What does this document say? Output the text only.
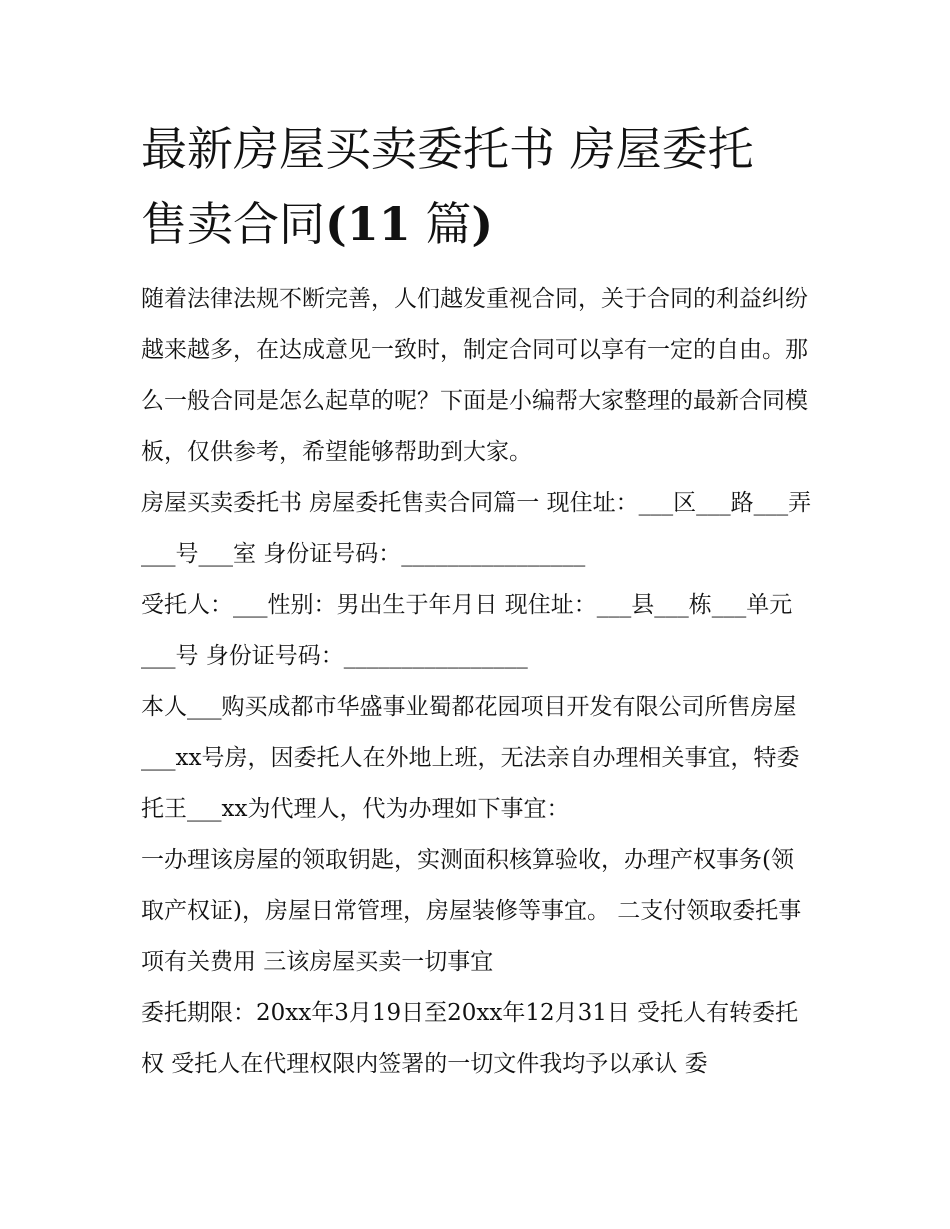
最新房屋买卖委托书 房屋委托
售卖合同(11 篇)

随着法律法规不断完善，人们越发重视合同，关于合同的利益纠纷越来越多，在达成意见一致时，制定合同可以享有一定的自由。那么一般合同是怎么起草的呢？下面是小编帮大家整理的最新合同模板，仅供参考，希望能够帮助到大家。

房屋买卖委托书 房屋委托售卖合同篇一 现住址：___区___路___弄___号___室 身份证号码：________________

受托人：___性别：男出生于年月日 现住址：___县___栋___单元___号 身份证号码：________________

本人___购买成都市华盛事业蜀都花园项目开发有限公司所售房屋___xx号房，因委托人在外地上班，无法亲自办理相关事宜，特委托王___xx为代理人，代为办理如下事宜：

一办理该房屋的领取钥匙，实测面积核算验收，办理产权事务(领取产权证)，房屋日常管理，房屋装修等事宜。 二支付领取委托事项有关费用 三该房屋买卖一切事宜

委托期限：20xx年3月19日至20xx年12月31日 受托人有转委托权 受托人在代理权限内签署的一切文件我均予以承认 委
